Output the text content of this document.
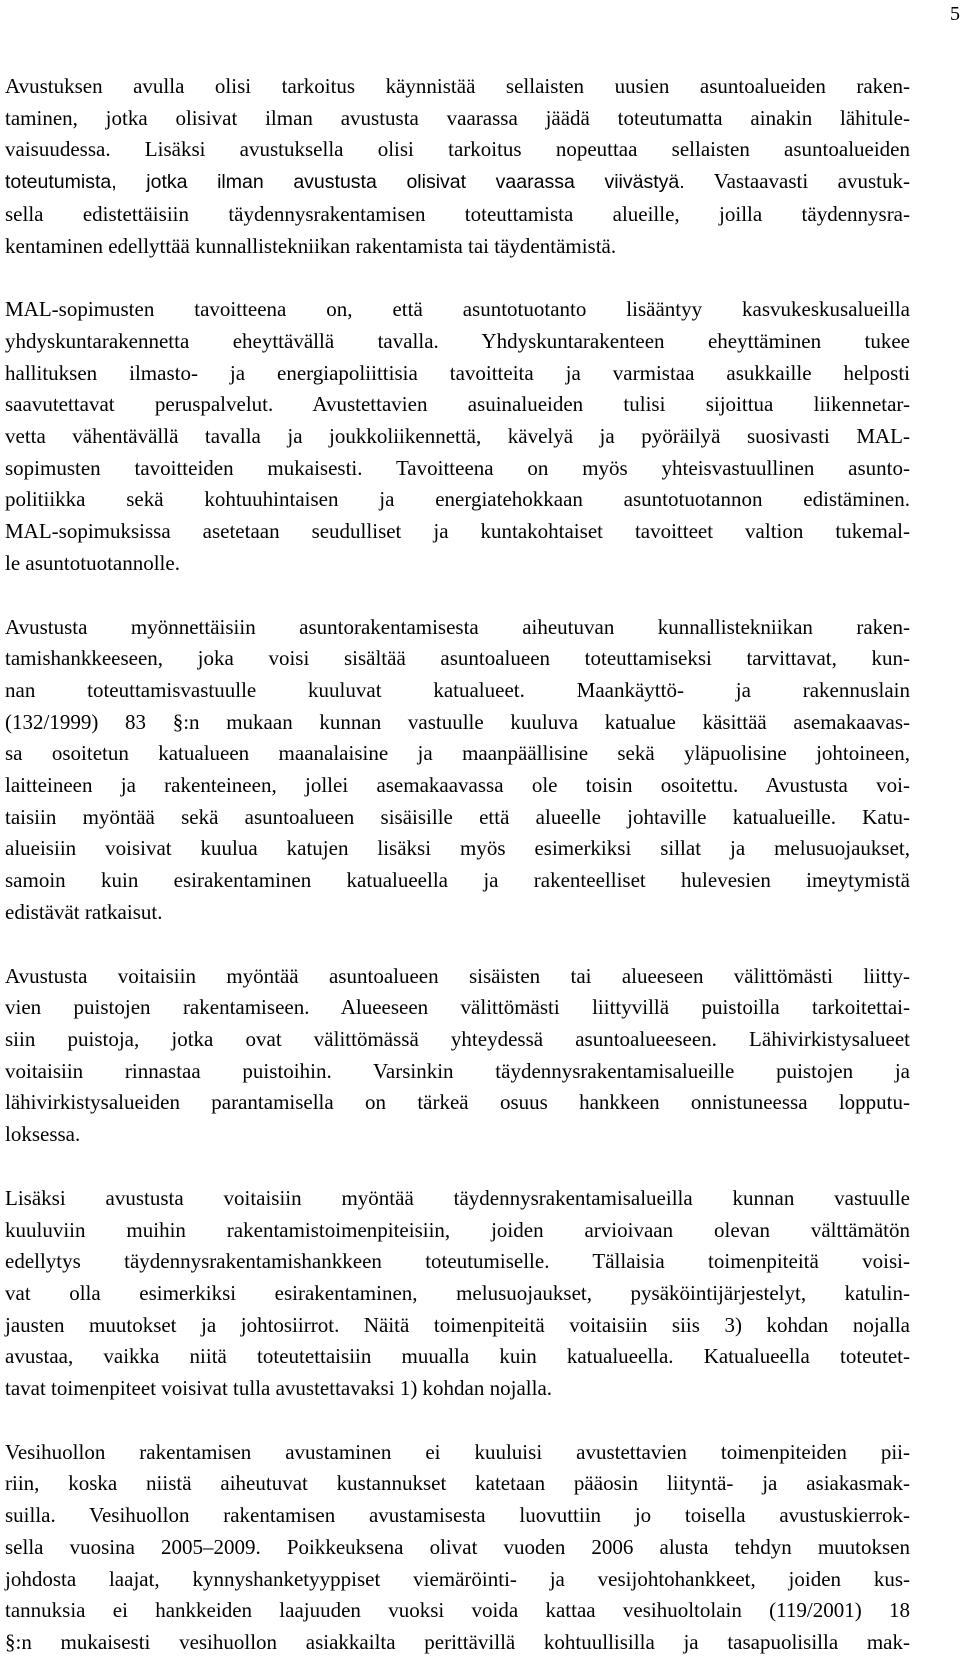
5

Avustuksen avulla olisi tarkoitus käynnistää sellaisten uusien asuntoalueiden raken-
taminen, jotka olisivat ilman avustusta vaarassa jäädä toteutumatta ainakin lähitule-
vaisuudessa. Lisäksi avustuksella olisi tarkoitus nopeuttaa sellaisten asuntoalueiden
toteutumista, jotka ilman avustusta olisivat vaarassa viivästyä. Vastaavasti avustuk-
sella edistettäisiin täydennysrakentamisen toteuttamista alueille, joilla täydennysra-
kentaminen edellyttää kunnallistekniikan rakentamista tai täydentämistä.

MAL-sopimusten tavoitteena on, että asuntotuotanto lisääntyy kasvukeskusalueilla
yhdyskuntarakennetta eheyttävällä tavalla. Yhdyskuntarakenteen eheyttäminen tukee
hallituksen ilmasto- ja energiapoliittisia tavoitteita ja varmistaa asukkaille helposti
saavutettavat peruspalvelut. Avustettavien asuinalueiden tulisi sijoittua liikennetar-
vetta vähentävällä tavalla ja joukkoliikennettä, kävelyä ja pyöräilyä suosivasti MAL-
sopimusten tavoitteiden mukaisesti. Tavoitteena on myös yhteisvastuullinen asunto-
politiikka sekä kohtuuhintaisen ja energiatehokkaan asuntotuotannon edistäminen.
MAL-sopimuksissa asetetaan seudulliset ja kuntakohtaiset tavoitteet valtion tukemal-
le asuntotuotannolle.

Avustusta myönnettäisiin asuntorakentamisesta aiheutuvan kunnallistekniikan raken-
tamishankkeeseen, joka voisi sisältää asuntoalueen toteuttamiseksi tarvittavat, kun-
nan toteuttamisvastuulle kuuluvat katualueet. Maankäyttö- ja rakennuslain
(132/1999) 83 §:n mukaan kunnan vastuulle kuuluva katualue käsittää asemakaavas-
sa osoitetun katualueen maanalaisine ja maanpäällisine sekä yläpuolisine johtoineen,
laitteineen ja rakenteineen, jollei asemakaavassa ole toisin osoitettu. Avustusta voi-
taisiin myöntää sekä asuntoalueen sisäisille että alueelle johtaville katualueille. Katu-
alueisiin voisivat kuulua katujen lisäksi myös esimerkiksi sillat ja melusuojaukset,
samoin kuin esirakentaminen katualueella ja rakenteelliset hulevesien imeytymistä
edistävät ratkaisut.

Avustusta voitaisiin myöntää asuntoalueen sisäisten tai alueeseen välittömästi liitty-
vien puistojen rakentamiseen. Alueeseen välittömästi liittyvillä puistoilla tarkoitettai-
siin puistoja, jotka ovat välittömässä yhteydessä asuntoalueeseen. Lähivirkistysalueet
voitaisiin rinnastaa puistoihin. Varsinkin täydennysrakentamisalueille puistojen ja
lähivirkistysalueiden parantamisella on tärkeä osuus hankkeen onnistuneessa lopputu-
loksessa.

Lisäksi avustusta voitaisiin myöntää täydennysrakentamisalueilla kunnan vastuulle
kuuluviin muihin rakentamistoimenpiteisiin, joiden arvioivaan olevan välttämätön
edellytys täydennysrakentamishankkeen toteutumiselle. Tällaisia toimenpiteitä voisi-
vat olla esimerkiksi esirakentaminen, melusuojaukset, pysäköintijärjestelyt, katulin-
jausten muutokset ja johtosiirrot. Näitä toimenpiteitä voitaisiin siis 3) kohdan nojalla
avustaa, vaikka niitä toteutettaisiin muualla kuin katualueella. Katualueella toteutet-
tavat toimenpiteet voisivat tulla avustettavaksi 1) kohdan nojalla.

Vesihuollon rakentamisen avustaminen ei kuuluisi avustettavien toimenpiteiden pii-
riin, koska niistä aiheutuvat kustannukset katetaan pääosin liityntä- ja asiakasmak-
suilla. Vesihuollon rakentamisen avustamisesta luovuttiin jo toisella avustuskierrok-
sella vuosina 2005–2009. Poikkeuksena olivat vuoden 2006 alusta tehdyn muutoksen
johdosta laajat, kynnyshanketyyppiset viemäröinti- ja vesijohtohankkeet, joiden kus-
tannuksia ei hankkeiden laajuuden vuoksi voida kattaa vesihuoltolain (119/2001) 18
§:n mukaisesti vesihuollon asiakkailta perittävillä kohtuullisilla ja tasapuolisilla mak-
